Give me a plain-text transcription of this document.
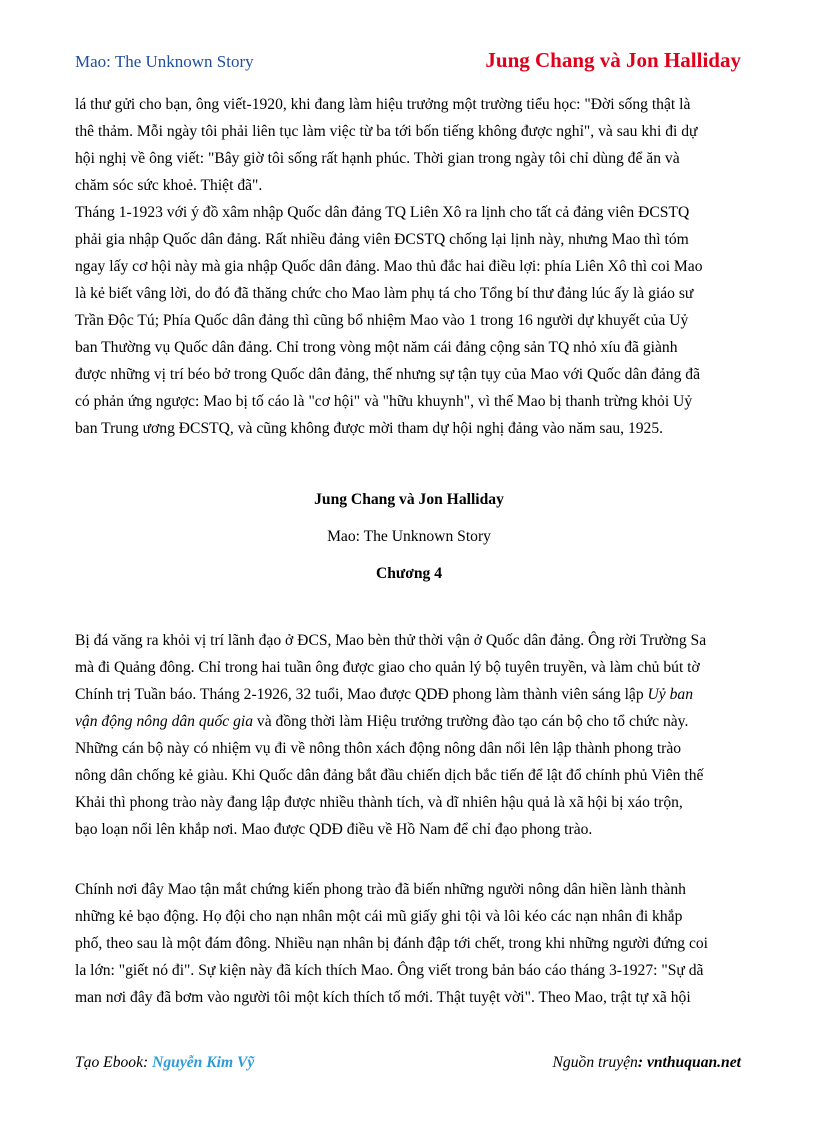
Mao: The Unknown Story	Jung Chang và Jon Halliday

lá thư gửi cho bạn, ông viết-1920, khi đang làm hiệu trưởng một trường tiểu học: "Đời sống thật là

thê thảm. Mỗi ngày tôi phải liên tục làm việc từ ba tới bốn tiếng không được nghỉ", và sau khi đi dự

hội nghị về ông viết: "Bây giờ tôi sống rất hạnh phúc. Thời gian trong ngày tôi chỉ dùng để ăn và

chăm sóc sức khoẻ. Thiệt đã".

Tháng 1-1923 với ý đồ xâm nhập Quốc dân đảng TQ Liên Xô ra lịnh cho tất cả đảng viên ĐCSTQ

phải gia nhập Quốc dân đảng. Rất nhiều đảng viên ĐCSTQ chống lại lịnh này, nhưng Mao thì tóm

ngay lấy cơ hội này mà gia nhập Quốc dân đảng. Mao thủ đắc hai điều lợi: phía Liên Xô thì coi Mao

là kẻ biết vâng lời, do đó đã thăng chức cho Mao làm phụ tá cho Tổng bí thư đảng lúc ấy là giáo sư

Trần Độc Tú; Phía Quốc dân đảng thì cũng bổ nhiệm Mao vào 1 trong 16 người dự khuyết của Uỷ

ban Thường vụ Quốc dân đảng. Chỉ trong vòng một năm cái đảng cộng sản TQ nhỏ xíu đã giành

được những vị trí béo bở trong Quốc dân đảng, thế nhưng sự tận tụy của Mao với Quốc dân đảng đã

có phản ứng ngược: Mao bị tố cáo là "cơ hội" và "hữu khuynh", vì thế Mao bị thanh trừng khỏi Uỷ

ban Trung ương ĐCSTQ, và cũng không được mời tham dự hội nghị đảng vào năm sau, 1925.

Jung Chang và Jon Halliday
Mao: The Unknown Story
Chương 4

Bị đá văng ra khỏi vị trí lãnh đạo ở ĐCS, Mao bèn thử thời vận ở Quốc dân đảng. Ông rời Trường Sa

mà đi Quảng đông. Chỉ trong hai tuần ông được giao cho quản lý bộ tuyên truyền, và làm chủ bút tờ

Chính trị Tuần báo. Tháng 2-1926, 32 tuổi, Mao được QDĐ phong làm thành viên sáng lập Uỷ ban

vận động nông dân quốc gia và đồng thời làm Hiệu trưởng trường đào tạo cán bộ cho tổ chức này.

Những cán bộ này có nhiệm vụ đi về nông thôn xách động nông dân nổi lên lập thành phong trào

nông dân chống kẻ giàu. Khi Quốc dân đảng bắt đầu chiến dịch bắc tiến để lật đổ chính phủ Viên thế

Khải thì phong trào này đang lập được nhiều thành tích, và dĩ nhiên hậu quả là xã hội bị xáo trộn,

bạo loạn nổi lên khắp nơi. Mao được QDĐ điều về Hồ Nam để chỉ đạo phong trào.

Chính nơi đây Mao tận mắt chứng kiến phong trào đã biến những người nông dân hiền lành thành

những kẻ bạo động. Họ đội cho nạn nhân một cái mũ giấy ghi tội và lôi kéo các nạn nhân đi khắp

phố, theo sau là một đám đông. Nhiều nạn nhân bị đánh đập tới chết, trong khi những người đứng coi

la lớn: "giết nó đi". Sự kiện này đã kích thích Mao. Ông viết trong bản báo cáo tháng 3-1927: "Sự dã

man nơi đây đã bơm vào người tôi một kích thích tố mới. Thật tuyệt vời". Theo Mao, trật tự xã hội

Tạo Ebook: Nguyễn Kim Vỹ	Nguồn truyện: vnthuquan.net
